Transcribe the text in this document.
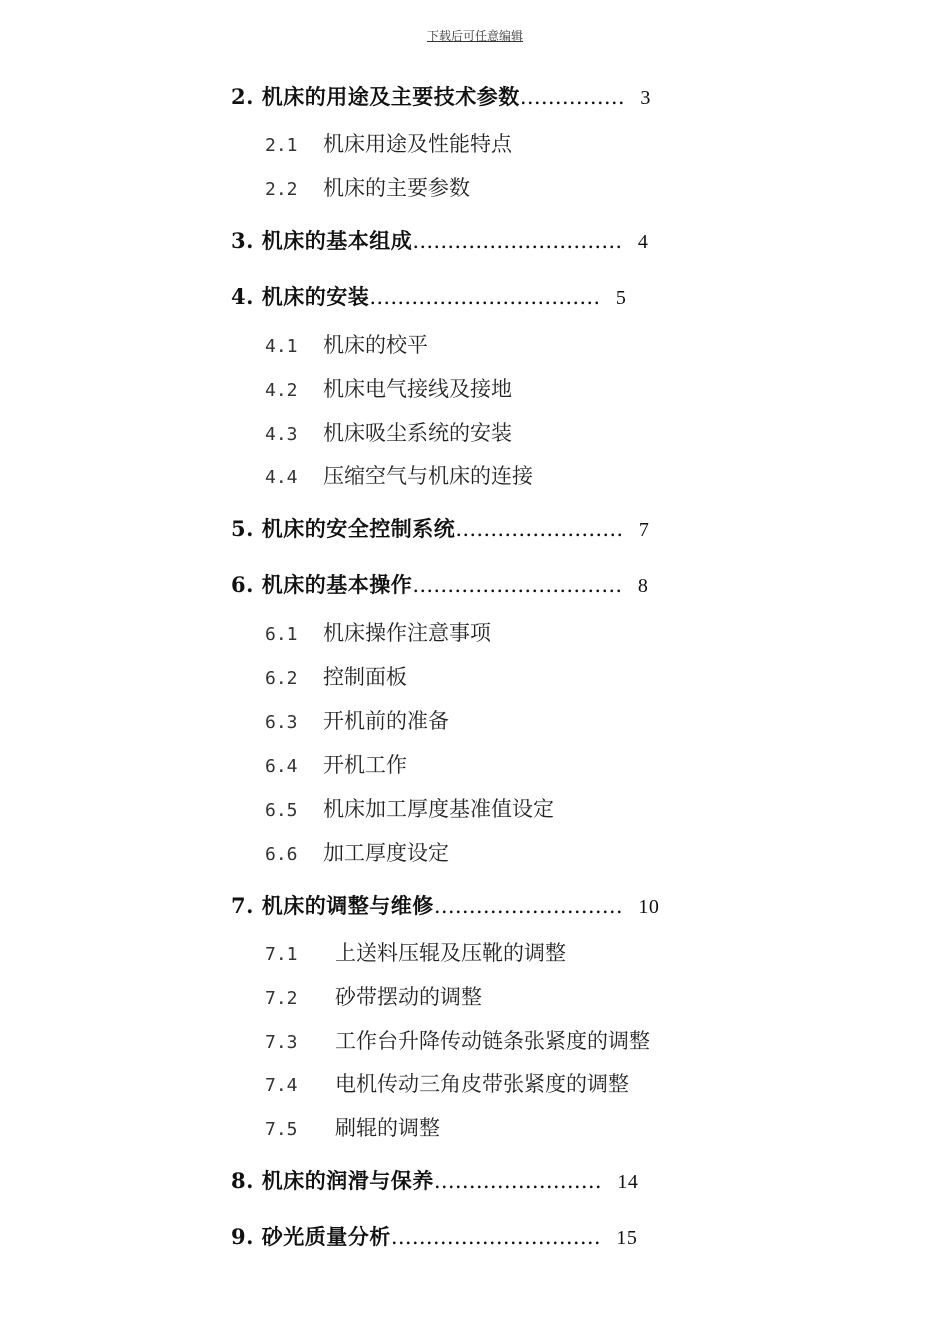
下载后可任意编辑
2. 机床的用途及主要技术参数…………… 3
2.1 机床用途及性能特点
2.2 机床的主要参数
3. 机床的基本组成………………………… 4
4. 机床的安装…………………………… 5
4.1 机床的校平
4.2 机床电气接线及接地
4.3 机床吸尘系统的安装
4.4 压缩空气与机床的连接
5. 机床的安全控制系统…………………… 7
6. 机床的基本操作………………………… 8
6.1 机床操作注意事项
6.2 控制面板
6.3 开机前的准备
6.4 开机工作
6.5 机床加工厚度基准值设定
6.6 加工厚度设定
7. 机床的调整与维修……………………… 10
7.1 上送料压辊及压靴的调整
7.2 砂带摆动的调整
7.3 工作台升降传动链条张紧度的调整
7.4 电机传动三角皮带张紧度的调整
7.5 刷辊的调整
8. 机床的润滑与保养…………………… 14
9. 砂光质量分析………………………… 15
